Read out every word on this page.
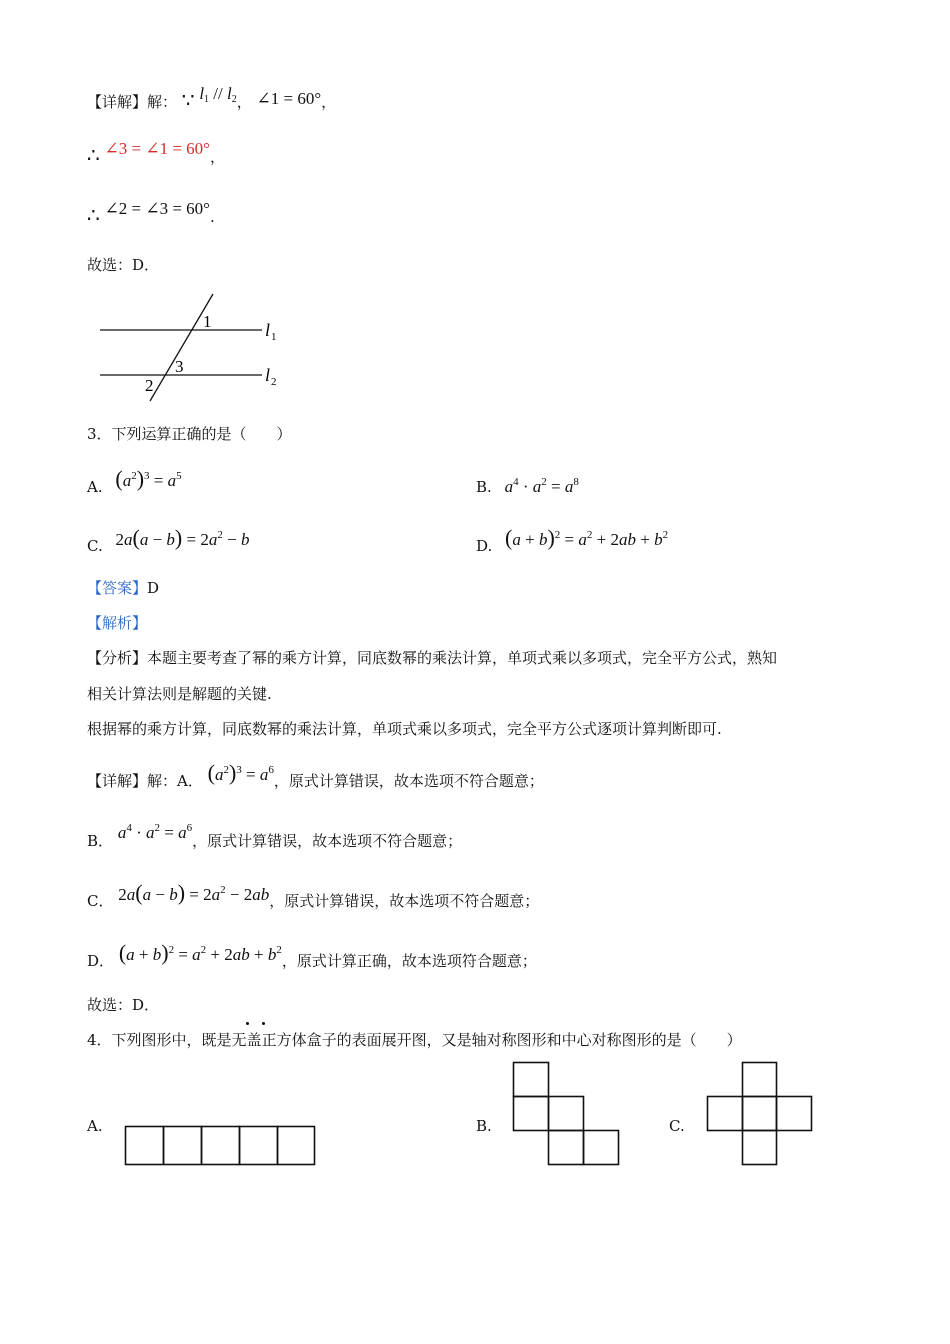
【详解】解： ∵ $l_1 // l_2$， ∠1 = 60°，
∴ ∠3 = ∠1 = 60°，
∴ ∠2 = ∠3 = 60°.
故选：D．
1
3
2
l 1
l 2
3．下列运算正确的是（　　）
A. $(a^2)^3 = a^5$
B. $a^4 \cdot a^2 = a^8$
C. $2a(a - b) = 2a^2 - b$	D. $(a + b)^2 = a^2 + 2ab + b^2$
【答案】D
【解析】
【分析】本题主要考查了幂的乘方计算，同底数幂的乘法计算，单项式乘以多项式，完全平方公式，熟知
相关计算法则是解题的关键.
根据幂的乘方计算，同底数幂的乘法计算，单项式乘以多项式，完全平方公式逐项计算判断即可.
【详解】解：A． $(a^2)^3 = a^6$，原式计算错误，故本选项不符合题意；
B． $a^4 \cdot a^2 = a^6$，原式计算错误，故本选项不符合题意；
C． $2a(a - b) = 2a^2 - 2ab$，原式计算错误，故本选项不符合题意；
D． $(a + b)^2 = a^2 + 2ab + b^2$，原式计算正确，故本选项符合题意；
故选：D．
4．下列图形中，既是无盖正方体盒子的表面展开图，又是轴对称图形和中心对称图形的是（　　）
A.	B.	C.
